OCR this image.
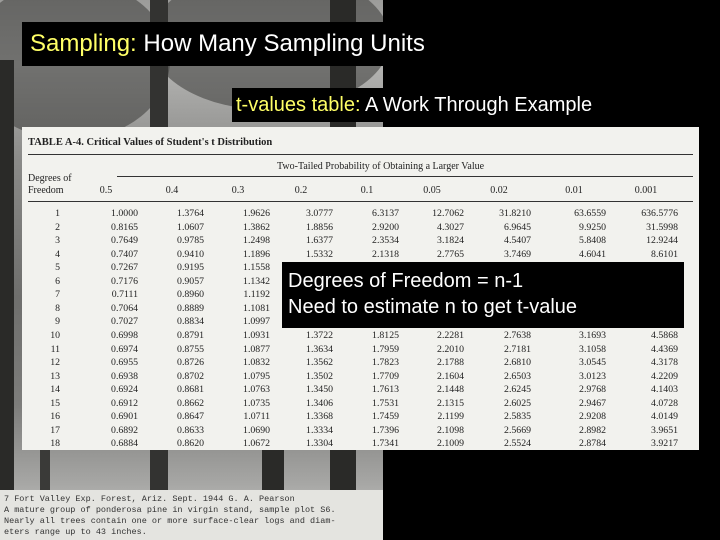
7 Fort Valley Exp. Forest, Ariz. Sept. 1944 G. A. Pearson
A mature group of ponderosa pine in virgin stand, sample plot S6.
Nearly all trees contain one or more surface-clear logs and diam-
eters range up to 43 inches.
Sampling: How Many Sampling Units
t-values table: A Work Through Example
TABLE A-4. Critical Values of Student's t Distribution
Two-Tailed Probability of Obtaining a Larger Value
Degrees of
Freedom	0.5	0.4	0.3	0.2	0.1	0.05	0.02	0.01	0.001
1	1.0000	1.3764	1.9626	3.0777	6.3137	12.7062	31.8210	63.6559	636.5776
2	0.8165	1.0607	1.3862	1.8856	2.9200	4.3027	6.9645	9.9250	31.5998
3	0.7649	0.9785	1.2498	1.6377	2.3534	3.1824	4.5407	5.8408	12.9244
4	0.7407	0.9410	1.1896	1.5332	2.1318	2.7765	3.7469	4.6041	8.6101
5	0.7267	0.9195	1.1558
6	0.7176	0.9057	1.1342
7	0.7111	0.8960	1.1192
8	0.7064	0.8889	1.1081
9	0.7027	0.8834	1.0997
10	0.6998	0.8791	1.0931	1.3722	1.8125	2.2281	2.7638	3.1693	4.5868
11	0.6974	0.8755	1.0877	1.3634	1.7959	2.2010	2.7181	3.1058	4.4369
12	0.6955	0.8726	1.0832	1.3562	1.7823	2.1788	2.6810	3.0545	4.3178
13	0.6938	0.8702	1.0795	1.3502	1.7709	2.1604	2.6503	3.0123	4.2209
14	0.6924	0.8681	1.0763	1.3450	1.7613	2.1448	2.6245	2.9768	4.1403
15	0.6912	0.8662	1.0735	1.3406	1.7531	2.1315	2.6025	2.9467	4.0728
16	0.6901	0.8647	1.0711	1.3368	1.7459	2.1199	2.5835	2.9208	4.0149
17	0.6892	0.8633	1.0690	1.3334	1.7396	2.1098	2.5669	2.8982	3.9651
18	0.6884	0.8620	1.0672	1.3304	1.7341	2.1009	2.5524	2.8784	3.9217
Degrees of Freedom = n-1
Need to estimate n to get t-value
